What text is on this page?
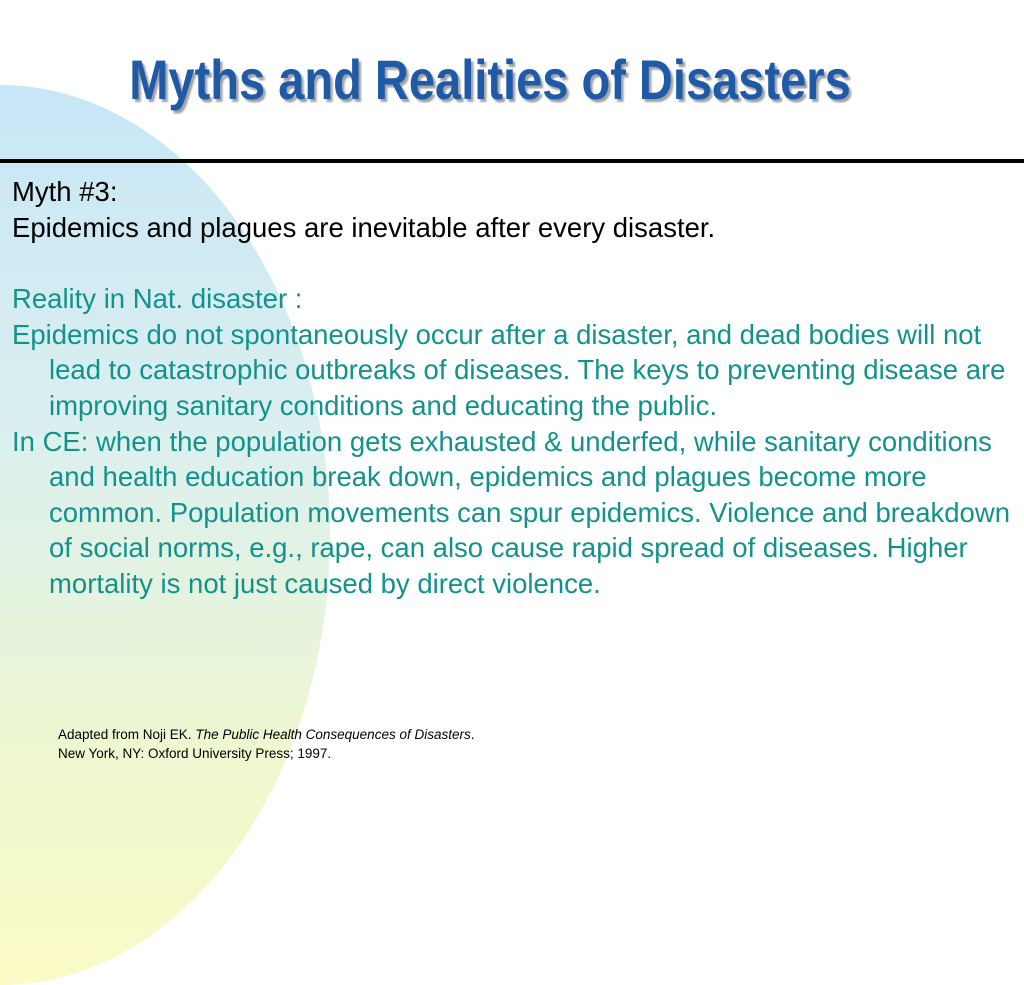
Myths and Realities of Disasters

Myth #3:

Epidemics and plagues are inevitable after every disaster.

Reality in Nat. disaster :

Epidemics do not spontaneously occur after a disaster, and dead bodies will not lead to catastrophic outbreaks of diseases. The keys to preventing disease are improving sanitary conditions and educating the public.

In CE: when the population gets exhausted & underfed, while sanitary conditions and health education break down, epidemics and plagues become more common. Population movements can spur epidemics. Violence and breakdown of social norms, e.g., rape, can also cause rapid spread of diseases. Higher mortality is not just caused by direct violence.

Adapted from Noji EK. The Public Health Consequences of Disasters.
New York, NY: Oxford University Press; 1997.
